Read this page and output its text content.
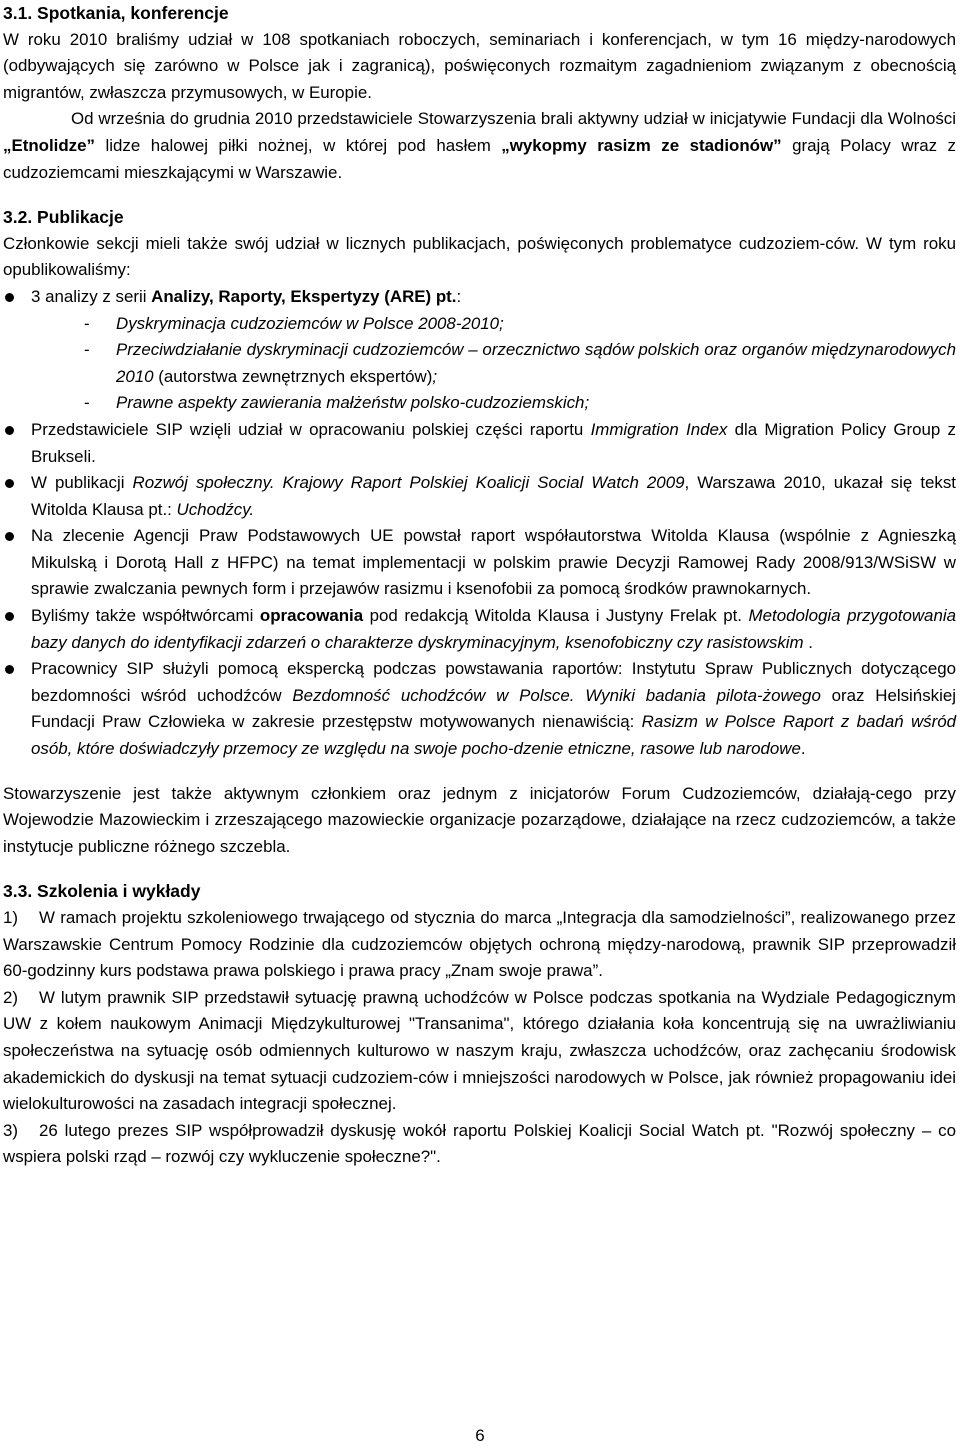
3.1. Spotkania, konferencje

W roku 2010 braliśmy udział w 108 spotkaniach roboczych, seminariach i konferencjach, w tym 16 między-narodowych (odbywających się zarówno w Polsce jak i zagranicą), poświęconych rozmaitym zagadnieniom związanym z obecnością migrantów, zwłaszcza przymusowych, w Europie.

Od września do grudnia 2010 przedstawiciele Stowarzyszenia brali aktywny udział w inicjatywie Fundacji dla Wolności „Etnolidze” lidze halowej piłki nożnej, w której pod hasłem „wykopmy rasizm ze stadionów” grają Polacy wraz z cudzoziemcami mieszkającymi w Warszawie.

3.2. Publikacje

Członkowie sekcji mieli także swój udział w licznych publikacjach, poświęconych problematyce cudzoziem-ców. W tym roku opublikowaliśmy:

3 analizy z serii Analizy, Raporty, Ekspertyzy (ARE) pt.:
- Dyskryminacja cudzoziemców w Polsce 2008-2010;
- Przeciwdziałanie dyskryminacji cudzoziemców – orzecznictwo sądów polskich oraz organów międzynarodowych 2010 (autorstwa zewnętrznych ekspertów);
- Prawne aspekty zawierania małżeństw polsko-cudzoziemskich;
Przedstawiciele SIP wzięli udział w opracowaniu polskiej części raportu Immigration Index dla Migration Policy Group z Brukseli.
W publikacji Rozwój społeczny. Krajowy Raport Polskiej Koalicji Social Watch 2009, Warszawa 2010, ukazał się tekst Witolda Klausa pt.: Uchodźcy.
Na zlecenie Agencji Praw Podstawowych UE powstał raport współautorstwa Witolda Klausa (wspólnie z Agnieszką Mikulską i Dorotą Hall z HFPC) na temat implementacji w polskim prawie Decyzji Ramowej Rady 2008/913/WSiSW w sprawie zwalczania pewnych form i przejawów rasizmu i ksenofobii za pomocą środków prawnokarnych.
Byliśmy także współtwórcami opracowania pod redakcją Witolda Klausa i Justyny Frelak pt. Metodologia przygotowania bazy danych do identyfikacji zdarzeń o charakterze dyskryminacyjnym, ksenofobiczny czy rasistowskim .
Pracownicy SIP służyli pomocą ekspercką podczas powstawania raportów: Instytutu Spraw Publicznych dotyczącego bezdomności wśród uchodźców Bezdomność uchodźców w Polsce. Wyniki badania pilota-żowego oraz Helsińskiej Fundacji Praw Człowieka w zakresie przestępstw motywowanych nienawiścią: Rasizm w Polsce Raport z badań wśród osób, które doświadczyły przemocy ze względu na swoje pocho-dzenie etniczne, rasowe lub narodowe.

Stowarzyszenie jest także aktywnym członkiem oraz jednym z inicjatorów Forum Cudzoziemców, działają-cego przy Wojewodzie Mazowieckim i zrzeszającego mazowieckie organizacje pozarządowe, działające na rzecz cudzoziemców, a także instytucje publiczne różnego szczebla.

3.3. Szkolenia i wykłady

1) W ramach projektu szkoleniowego trwającego od stycznia do marca „Integracja dla samodzielności”, realizowanego przez Warszawskie Centrum Pomocy Rodzinie dla cudzoziemców objętych ochroną między-narodową, prawnik SIP przeprowadził 60-godzinny kurs podstawa prawa polskiego i prawa pracy „Znam swoje prawa”.

2) W lutym prawnik SIP przedstawił sytuację prawną uchodźców w Polsce podczas spotkania na Wydziale Pedagogicznym UW z kołem naukowym Animacji Międzykulturowej "Transanima", którego działania koła koncentrują się na uwrażliwianiu społeczeństwa na sytuację osób odmiennych kulturowo w naszym kraju, zwłaszcza uchodźców, oraz zachęcaniu środowisk akademickich do dyskusji na temat sytuacji cudzoziem-ców i mniejszości narodowych w Polsce, jak również propagowaniu idei wielokulturowości na zasadach integracji społecznej.

3) 26 lutego prezes SIP współprowadził dyskusję wokół raportu Polskiej Koalicji Social Watch pt. "Rozwój społeczny – co wspiera polski rząd – rozwój czy wykluczenie społeczne?".

6
